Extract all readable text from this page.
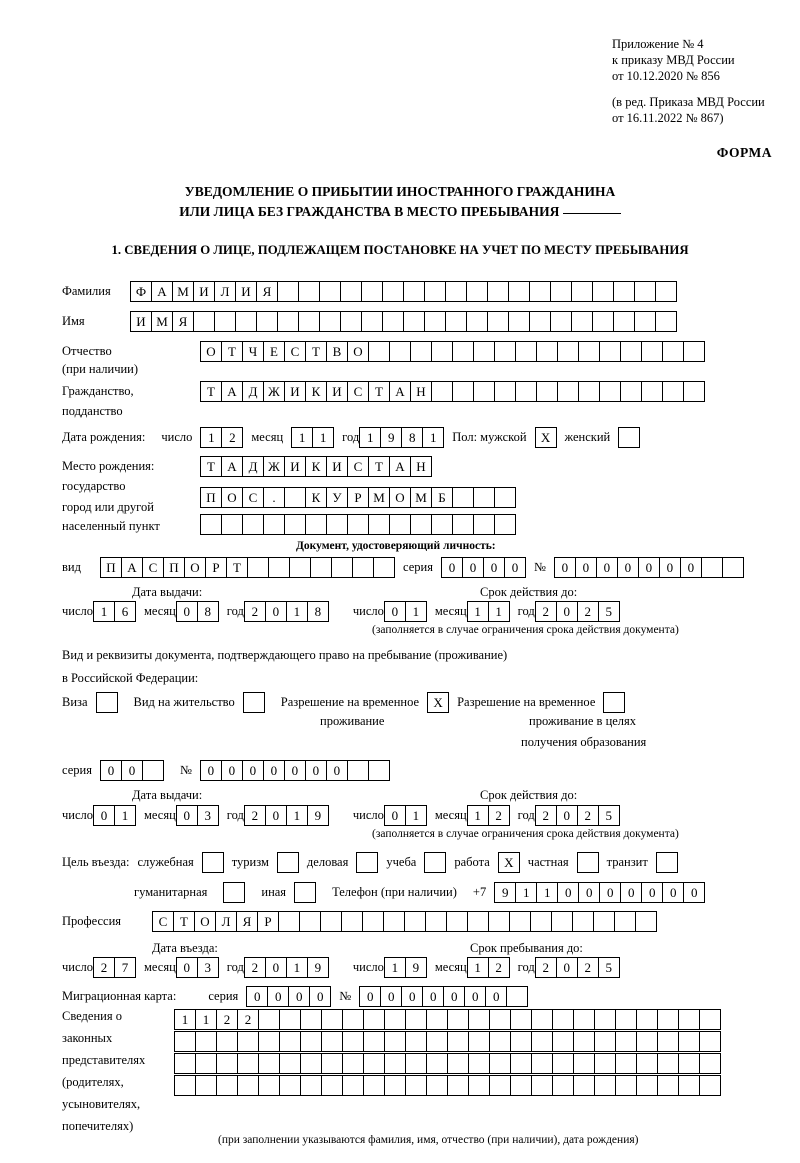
Приложение № 4
к приказу МВД России
от 10.12.2020 № 856
(в ред. Приказа МВД России
от 16.11.2022 № 867)
ФОРМА
УВЕДОМЛЕНИЕ О ПРИБЫТИИ ИНОСТРАННОГО ГРАЖДАНИНА
ИЛИ ЛИЦА БЕЗ ГРАЖДАНСТВА В МЕСТО ПРЕБЫВАНИЯ
1. СВЕДЕНИЯ О ЛИЦЕ, ПОДЛЕЖАЩЕМ ПОСТАНОВКЕ НА УЧЕТ ПО МЕСТУ ПРЕБЫВАНИЯ
Фамилия	Ф А М И Л И Я
Имя	И М Я
Отчество	О Т Ч Е С Т В О
(при наличии)
Гражданство,	Т А Д Ж И К И С Т А Н
подданство
Дата рождения: число	1	2	месяц	1	1	год 1	9	8	1	Пол: мужской	Х	женский
Место рождения:	Т А Д Ж И К И С Т А Н
государство
П О С	.	К У Р М О М Б
город или другой
населенный пункт
Документ, удостоверяющий личность:
вид	П А С П О Р	Т	серия	0	0	0	0	№	0	0	0	0	0	0	0
Дата выдачи:	Срок действия до:
число 1	6	месяц 0	8	год 2	0	1	8	число 0	1	месяц 1	1	год 2	0	2	5
(заполняется в случае ограничения срока действия документа)
Вид и реквизиты документа, подтверждающего право на пребывание (проживание)
в Российской Федерации:
Виза	Вид на жительство	Разрешение на временное	Х	Разрешение на временное
проживание	проживание в целях
получения образования
серия	0	0	№	0	0	0	0	0	0	0
Дата выдачи:	Срок действия до:
число 0	1	месяц 0	3	год 2	0	1	9	число 0	1	месяц 1	2	год 2	0	2	5
(заполняется в случае ограничения срока действия документа)
Цель въезда: служебная	туризм	деловая	учеба	работа	Х	частная	транзит
гуманитарная	иная	Телефон (при наличии) +7	9	1	1	0	0	0	0	0	0	0
Профессия	С Т О Л Я	Р
Дата въезда:	Срок пребывания до:
число 2	7	месяц 0	3	год 2	0	1	9	число 1	9	месяц 1	2	год 2	0	2	5
Миграционная карта:	серия	0	0	0	0	№	0	0	0	0	0	0	0
Сведения о
законных
представителях
(родителях,
усыновителях,
попечителях)
1	1	2	2
(при заполнении указываются фамилия, имя, отчество (при наличии), дата рождения)
